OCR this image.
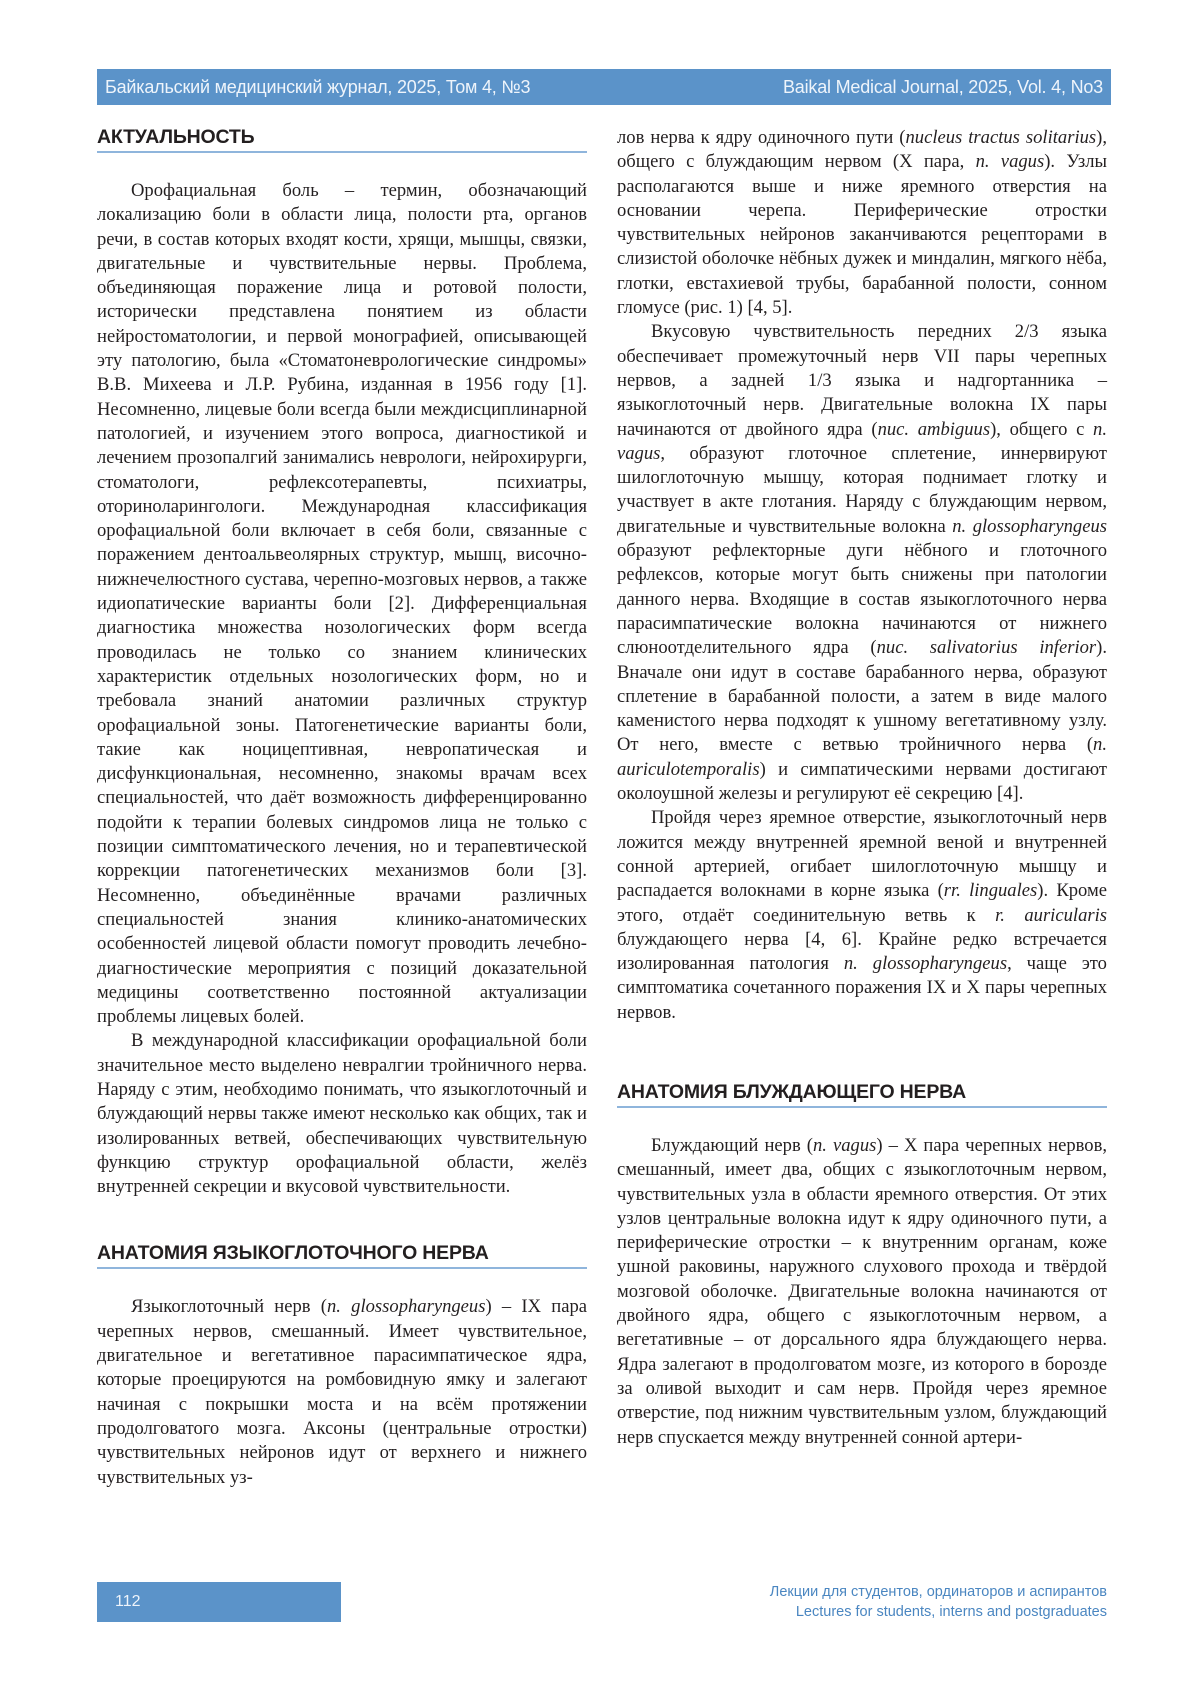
Байкальский медицинский журнал, 2025, Том 4, №3	Baikal Medical Journal, 2025, Vol. 4, No3
АКТУАЛЬНОСТЬ

Орофациальная боль – термин, обозначающий локализацию боли в области лица, полости рта, органов речи, в состав которых входят кости, хрящи, мышцы, связки, двигательные и чувствительные нервы. Проблема, объединяющая поражение лица и ротовой полости, исторически представлена понятием из области нейростоматологии, и первой монографией, описывающей эту патологию, была «Стоматоневрологические синдромы» В.В. Михеева и Л.Р. Рубина, изданная в 1956 году [1]. Несомненно, лицевые боли всегда были междисциплинарной патологией, и изучением этого вопроса, диагностикой и лечением прозопалгий занимались неврологи, нейрохирурги, стоматологи, рефлексотерапевты, психиатры, оториноларингологи. Международная классификация орофациальной боли включает в себя боли, связанные с поражением дентоальвеолярных структур, мышц, височно-нижнечелюстного сустава, черепно-мозговых нервов, а также идиопатические варианты боли [2]. Дифференциальная диагностика множества нозологических форм всегда проводилась не только со знанием клинических характеристик отдельных нозологических форм, но и требовала знаний анатомии различных структур орофациальной зоны. Патогенетические варианты боли, такие как ноцицептивная, невропатическая и дисфункциональная, несомненно, знакомы врачам всех специальностей, что даёт возможность дифференцированно подойти к терапии болевых синдромов лица не только с позиции симптоматического лечения, но и терапевтической коррекции патогенетических механизмов боли [3]. Несомненно, объединённые врачами различных специальностей знания клинико-анатомических особенностей лицевой области помогут проводить лечебно-диагностические мероприятия с позиций доказательной медицины соответственно постоянной актуализации проблемы лицевых болей.

В международной классификации орофациальной боли значительное место выделено невралгии тройничного нерва. Наряду с этим, необходимо понимать, что языкоглоточный и блуждающий нервы также имеют несколько как общих, так и изолированных ветвей, обеспечивающих чувствительную функцию структур орофациальной области, желёз внутренней секреции и вкусовой чувствительности.

АНАТОМИЯ ЯЗЫКОГЛОТОЧНОГО НЕРВА

Языкоглоточный нерв (n. glossopharyngeus) – IX пара черепных нервов, смешанный. Имеет чувствительное, двигательное и вегетативное парасимпатическое ядра, которые проецируются на ромбовидную ямку и залегают начиная с покрышки моста и на всём протяжении продолговатого мозга. Аксоны (центральные отростки) чувствительных нейронов идут от верхнего и нижнего чувствительных уз-

лов нерва к ядру одиночного пути (nucleus tractus solitarius), общего с блуждающим нервом (X пара, n. vagus). Узлы располагаются выше и ниже яремного отверстия на основании черепа. Периферические отростки чувствительных нейронов заканчиваются рецепторами в слизистой оболочке нёбных дужек и миндалин, мягкого нёба, глотки, евстахиевой трубы, барабанной полости, сонном гломусе (рис. 1) [4, 5].

Вкусовую чувствительность передних 2/3 языка обеспечивает промежуточный нерв VII пары черепных нервов, а задней 1/3 языка и надгортанника – языкоглоточный нерв. Двигательные волокна IX пары начинаются от двойного ядра (nuc. ambiguus), общего с n. vagus, образуют глоточное сплетение, иннервируют шилоглоточную мышцу, которая поднимает глотку и участвует в акте глотания. Наряду с блуждающим нервом, двигательные и чувствительные волокна n. glossopharyngeus образуют рефлекторные дуги нёбного и глоточного рефлексов, которые могут быть снижены при патологии данного нерва. Входящие в состав языкоглоточного нерва парасимпатические волокна начинаются от нижнего слюноотделительного ядра (nuc. salivatorius inferior). Вначале они идут в составе барабанного нерва, образуют сплетение в барабанной полости, а затем в виде малого каменистого нерва подходят к ушному вегетативному узлу. От него, вместе с ветвью тройничного нерва (n. auriculotemporalis) и симпатическими нервами достигают околоушной железы и регулируют её секрецию [4].

Пройдя через яремное отверстие, языкоглоточный нерв ложится между внутренней яремной веной и внутренней сонной артерией, огибает шилоглоточную мышцу и распадается волокнами в корне языка (rr. linguales). Кроме этого, отдаёт соединительную ветвь к r. auricularis блуждающего нерва [4, 6]. Крайне редко встречается изолированная патология n. glossopharyngeus, чаще это симптоматика сочетанного поражения IX и X пары черепных нервов.

АНАТОМИЯ БЛУЖДАЮЩЕГО НЕРВА

Блуждающий нерв (n. vagus) – X пара черепных нервов, смешанный, имеет два, общих с языкоглоточным нервом, чувствительных узла в области яремного отверстия. От этих узлов центральные волокна идут к ядру одиночного пути, а периферические отростки – к внутренним органам, коже ушной раковины, наружного слухового прохода и твёрдой мозговой оболочке. Двигательные волокна начинаются от двойного ядра, общего с языкоглоточным нервом, а вегетативные – от дорсального ядра блуждающего нерва. Ядра залегают в продолговатом мозге, из которого в борозде за оливой выходит и сам нерв. Пройдя через яремное отверстие, под нижним чувствительным узлом, блуждающий нерв спускается между внутренней сонной артери-

112
Лекции для студентов, ординаторов и аспирантов
Lectures for students, interns and postgraduates
